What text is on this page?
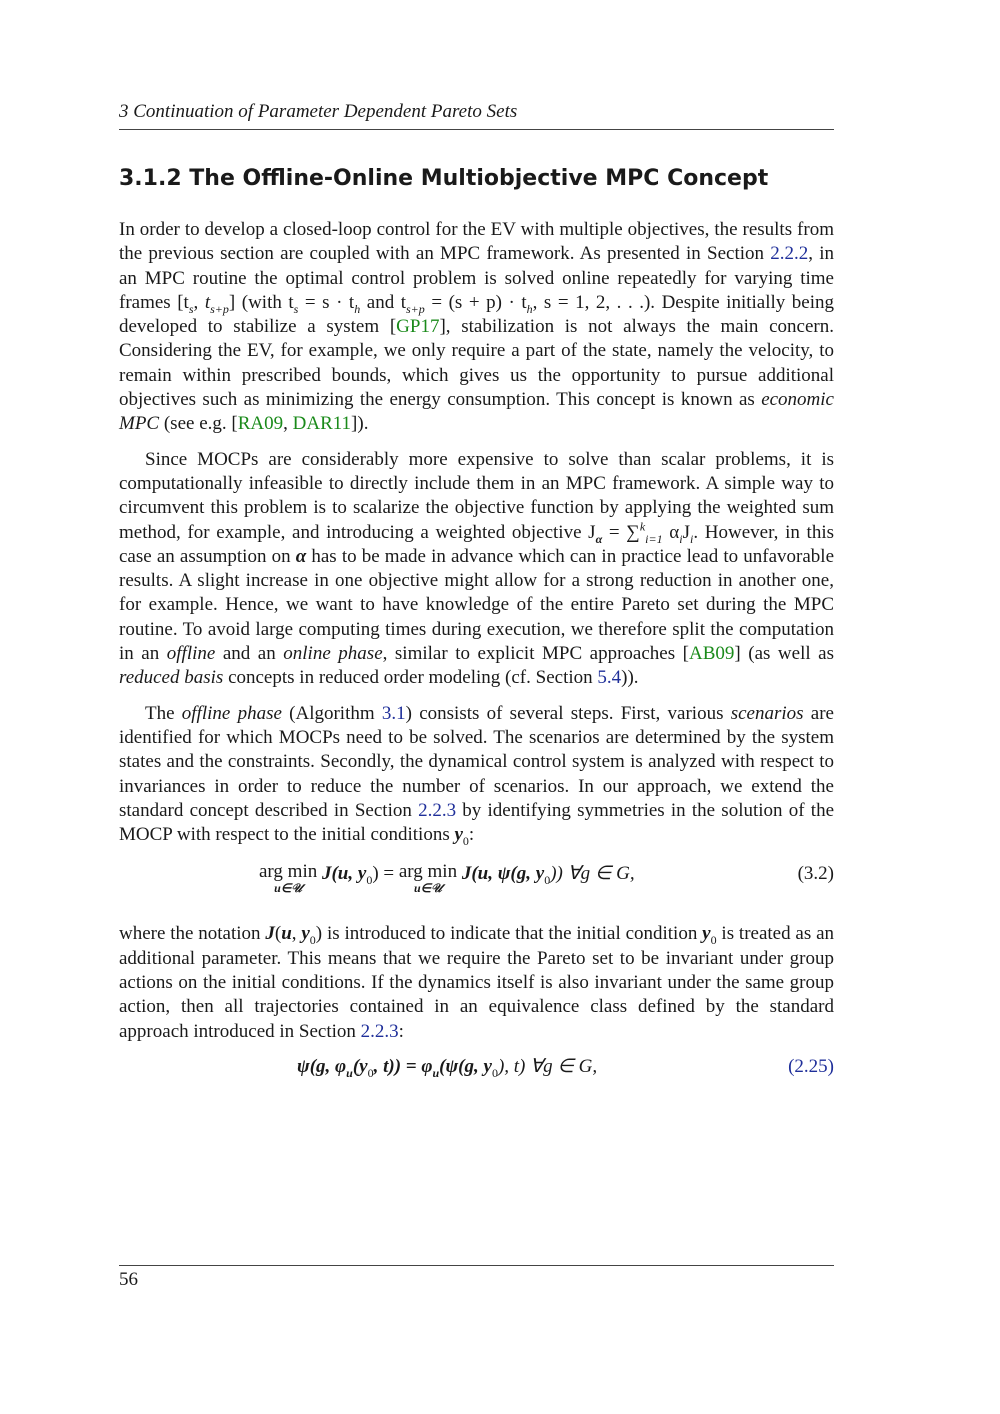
3 Continuation of Parameter Dependent Pareto Sets
3.1.2 The Offline-Online Multiobjective MPC Concept

In order to develop a closed-loop control for the EV with multiple objectives, the results from the previous section are coupled with an MPC framework. As presented in Section 2.2.2, in an MPC routine the optimal control problem is solved online repeatedly for varying time frames [$t_s$, $t_{s+p}$] (with $t_s = s \cdot t_h$ and $t_{s+p} = (s + p) \cdot t_h$, s = 1, 2, . . .). Despite initially being developed to stabilize a system [GP17], stabilization is not always the main concern. Considering the EV, for example, we only require a part of the state, namely the velocity, to remain within prescribed bounds, which gives us the opportunity to pursue additional objectives such as minimizing the energy consumption. This concept is known as economic MPC (see e.g. [RA09, DAR11]).

Since MOCPs are considerably more expensive to solve than scalar problems, it is computationally infeasible to directly include them in an MPC framework. A simple way to circumvent this problem is to scalarize the objective function by applying the weighted sum method, for example, and introducing a weighted objective $J_\alpha = \sum^k_{i=1}$ $\alpha_iJ_i$. However, in this case an assumption on α has to be made in advance which can in practice lead to unfavorable results. A slight increase in one objective might allow for a strong reduction in another one, for example. Hence, we want to have knowledge of the entire Pareto set during the MPC routine. To avoid large computing times during execution, we therefore split the computation in an offline and an online phase, similar to explicit MPC approaches [AB09] (as well as reduced basis concepts in reduced order modeling (cf. Section 5.4)).

The offline phase (Algorithm 3.1) consists of several steps. First, various scenarios are identified for which MOCPs need to be solved. The scenarios are determined by the system states and the constraints. Secondly, the dynamical control system is analyzed with respect to invariances in order to reduce the number of scenarios. In our approach, we extend the standard concept described in Section 2.2.3 by identifying symmetries in the solution of the MOCP with respect to the initial conditions $y_0$:

arg min
u∈𝒰
J(u, $y_0$) = arg min
u∈𝒰
J(u, ψ(g, $y_0$)) ∀g ∈ G,	(3.2)

where the notation J(u, $y_0$) is introduced to indicate that the initial condition $y_0$ is treated as an additional parameter. This means that we require the Pareto set to be invariant under group actions on the initial conditions. If the dynamics itself is also invariant under the same group action, then all trajectories contained in an equivalence class defined by the standard approach introduced in Section 2.2.3:

ψ(g, $\varphi_u(y_0$, $t)) = \varphi_u(\psi(g$, $y_0$), t) ∀g ∈ G,	(2.25)
56
